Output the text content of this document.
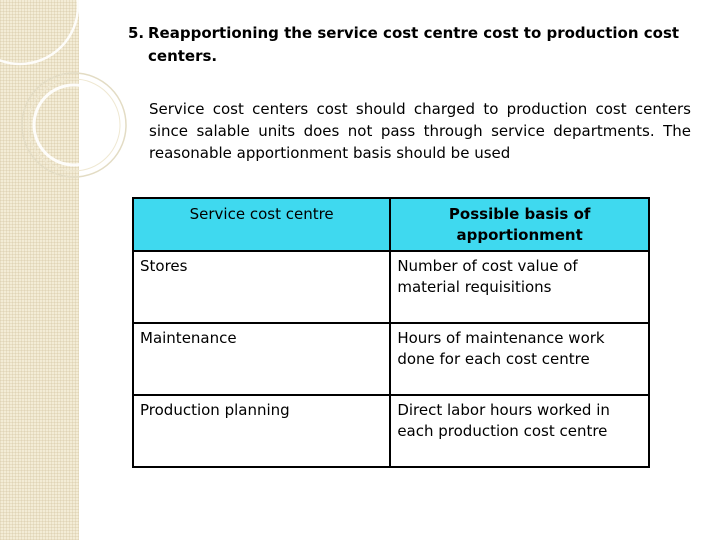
5. Reapportioning the service cost centre cost to production cost
centers.

Service cost centers cost should charged to production cost centers since salable units does not pass through service departments. The reasonable apportionment basis should be used

Service cost centre	Possible basis of apportionment
Stores	Number of cost value of material requisitions
Maintenance	Hours of maintenance work done for each cost centre
Production planning	Direct labor hours worked in each production cost centre
